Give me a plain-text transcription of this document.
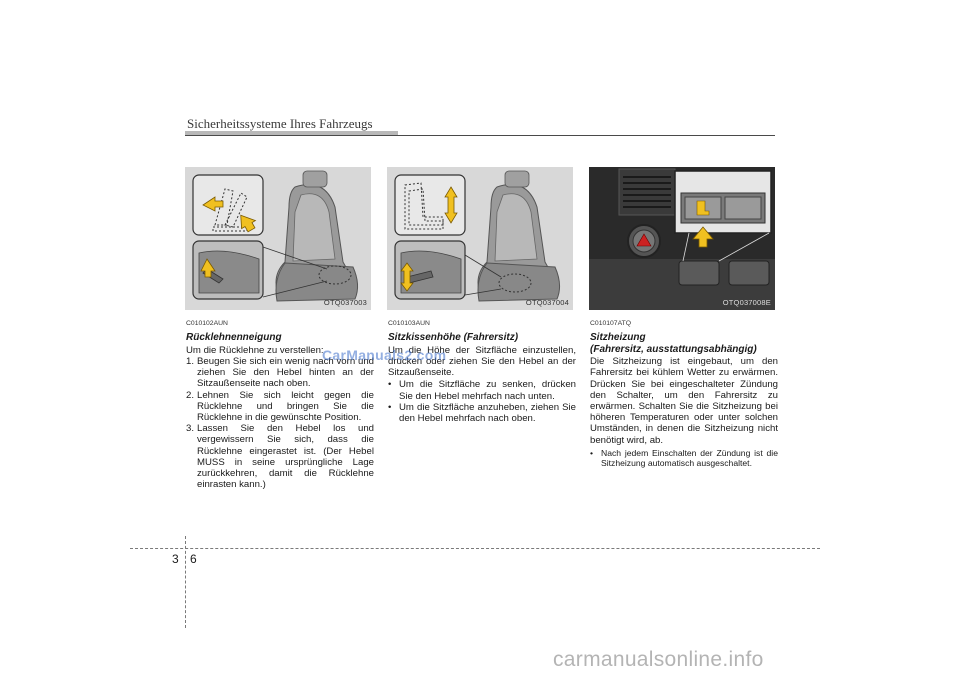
Sicherheitssysteme Ihres Fahrzeugs
OTQ037003	OTQ037004	OTQ037008E
C010102AUN
Rücklehnenneigung
Um die Rücklehne zu verstellen:
1. Beugen Sie sich ein wenig nach vorn und ziehen Sie den Hebel hinten an der Sitzaußenseite nach oben.
2. Lehnen Sie sich leicht gegen die Rücklehne und bringen Sie die Rücklehne in die gewünschte Position.
3. Lassen Sie den Hebel los und vergewissern Sie sich, dass die Rücklehne eingerastet ist. (Der Hebel MUSS in seine ursprüngliche Lage zurückkehren, damit die Rücklehne einrasten kann.)
C010103AUN
Sitzkissenhöhe (Fahrersitz)
Um die Höhe der Sitzfläche einzustellen, drücken oder ziehen Sie den Hebel an der Sitzaußenseite.
• Um die Sitzfläche zu senken, drücken Sie den Hebel mehrfach nach unten.
• Um die Sitzfläche anzuheben, ziehen Sie den Hebel mehrfach nach oben.
C010107ATQ
Sitzheizung
(Fahrersitz, ausstattungsabhängig)
Die Sitzheizung ist eingebaut, um den Fahrersitz bei kühlem Wetter zu erwärmen. Drücken Sie bei eingeschalteter Zündung den Schalter, um den Fahrersitz zu erwärmen. Schalten Sie die Sitzheizung bei höheren Temperaturen oder unter solchen Umständen, in denen die Sitzheizung nicht benötigt wird, ab.
• Nach jedem Einschalten der Zündung ist die Sitzheizung automatisch ausgeschaltet.
CarManuals2.com
3 6
carmanualsonline.info
